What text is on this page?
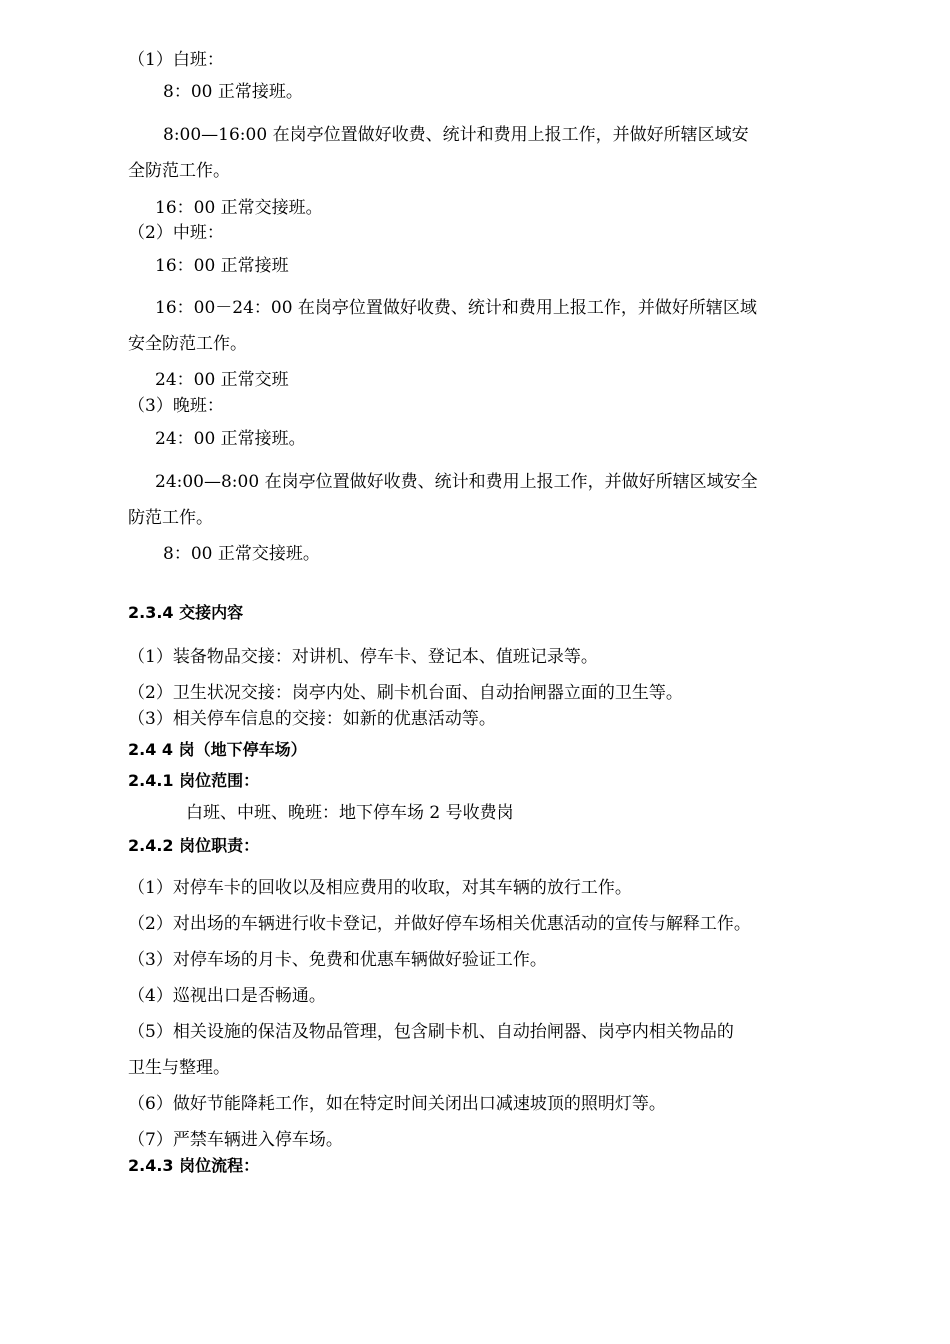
（1）白班：
8：00 正常接班。
8:00—16:00 在岗亭位置做好收费、统计和费用上报工作，并做好所辖区域安
全防范工作。
16：00 正常交接班。
（2）中班：
16：00 正常接班
16：00－24：00 在岗亭位置做好收费、统计和费用上报工作，并做好所辖区域
安全防范工作。
24：00 正常交班
（3）晚班：
24：00 正常接班。
24:00—8:00 在岗亭位置做好收费、统计和费用上报工作，并做好所辖区域安全
防范工作。
8：00 正常交接班。
2.3.4 交接内容
（1）装备物品交接：对讲机、停车卡、登记本、值班记录等。
（2）卫生状况交接：岗亭内处、刷卡机台面、自动抬闸器立面的卫生等。
（3）相关停车信息的交接：如新的优惠活动等。
2.4 4 岗（地下停车场）
2.4.1 岗位范围：
白班、中班、晚班：地下停车场 2 号收费岗
2.4.2 岗位职责：
（1）对停车卡的回收以及相应费用的收取，对其车辆的放行工作。
（2）对出场的车辆进行收卡登记，并做好停车场相关优惠活动的宣传与解释工作。
（3）对停车场的月卡、免费和优惠车辆做好验证工作。
（4）巡视出口是否畅通。
（5）相关设施的保洁及物品管理，包含刷卡机、自动抬闸器、岗亭内相关物品的
卫生与整理。
（6）做好节能降耗工作，如在特定时间关闭出口减速坡顶的照明灯等。
（7）严禁车辆进入停车场。
2.4.3 岗位流程：
